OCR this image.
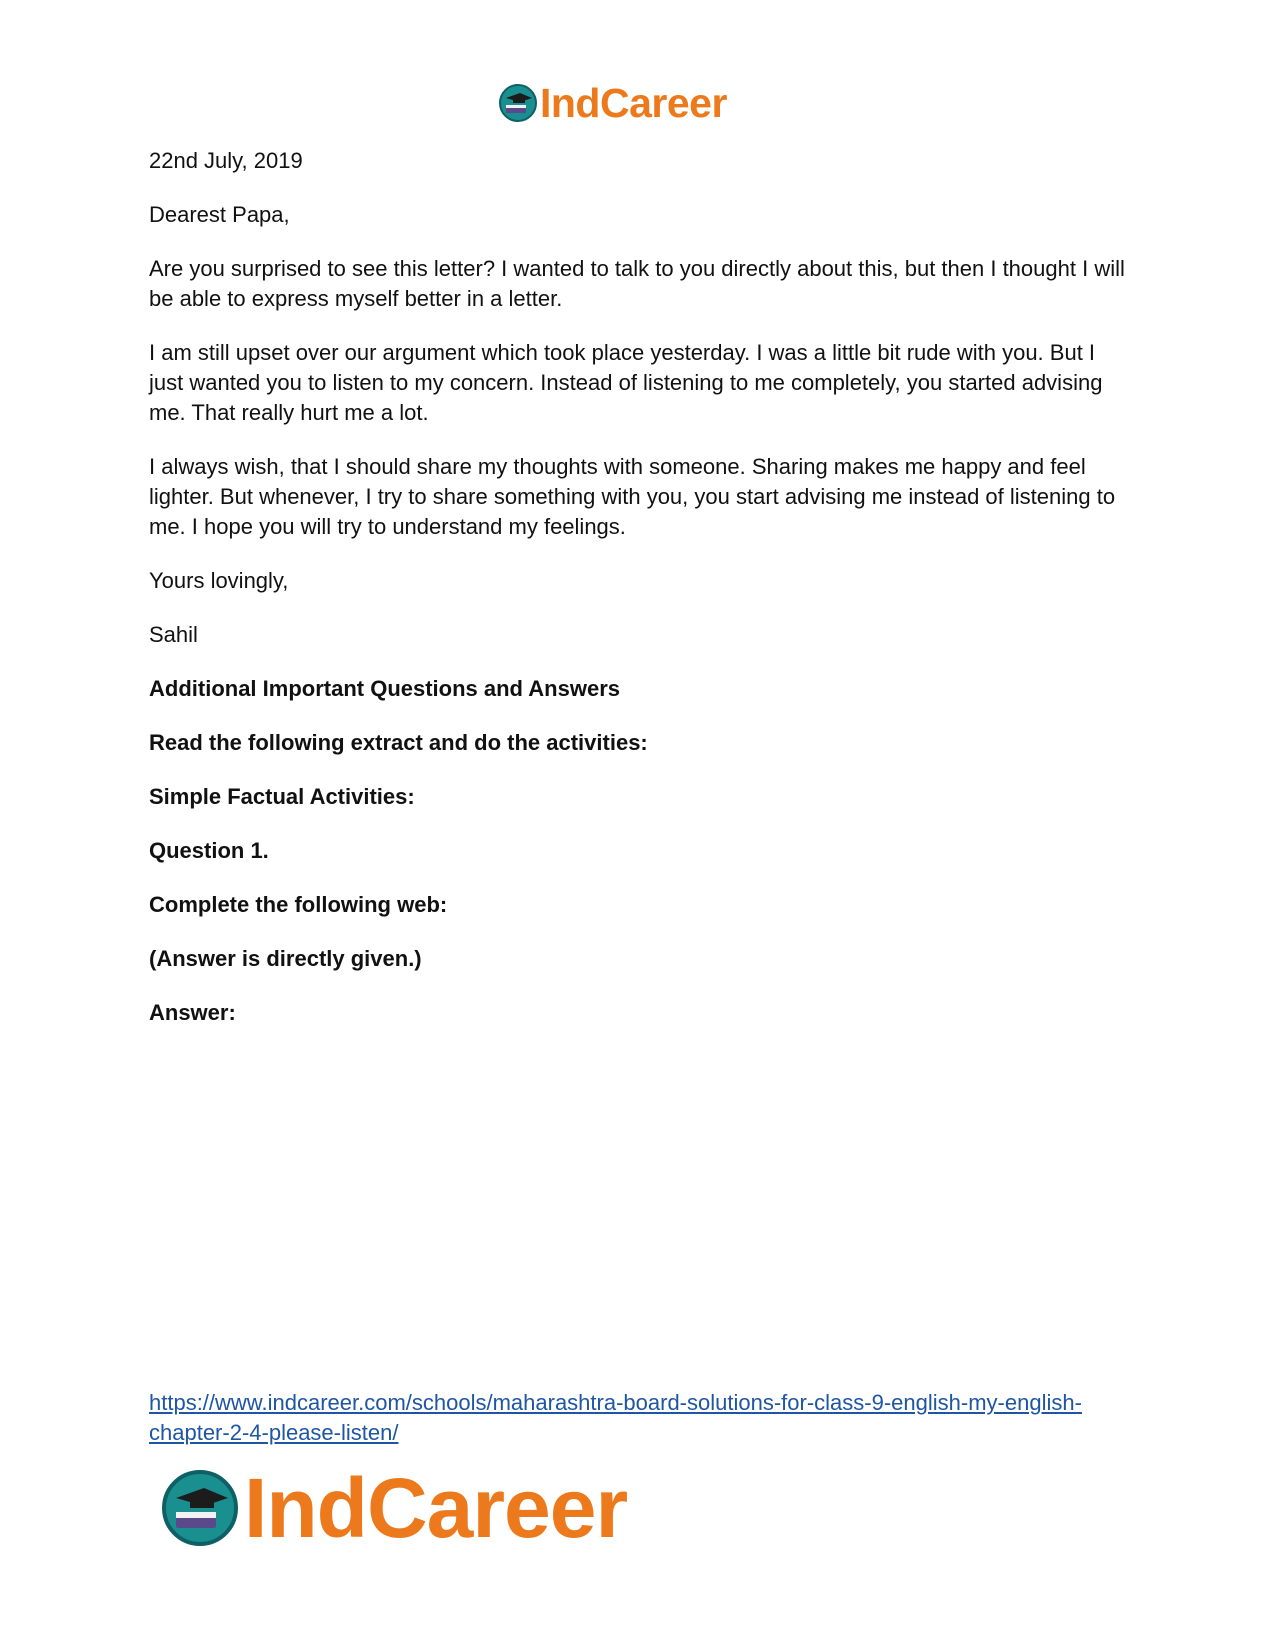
IndCareer

22nd July, 2019

Dearest Papa,

Are you surprised to see this letter? I wanted to talk to you directly about this, but then I thought I will be able to express myself better in a letter.

I am still upset over our argument which took place yesterday. I was a little bit rude with you. But I just wanted you to listen to my concern. Instead of listening to me completely, you started advising me. That really hurt me a lot.

I always wish, that I should share my thoughts with someone. Sharing makes me happy and feel lighter. But whenever, I try to share something with you, you start advising me instead of listening to me. I hope you will try to understand my feelings.

Yours lovingly,

Sahil

Additional Important Questions and Answers

Read the following extract and do the activities:

Simple Factual Activities:

Question 1.

Complete the following web:

(Answer is directly given.)

Answer:

https://www.indcareer.com/schools/maharashtra-board-solutions-for-class-9-english-my-english-chapter-2-4-please-listen/
IndCareer
